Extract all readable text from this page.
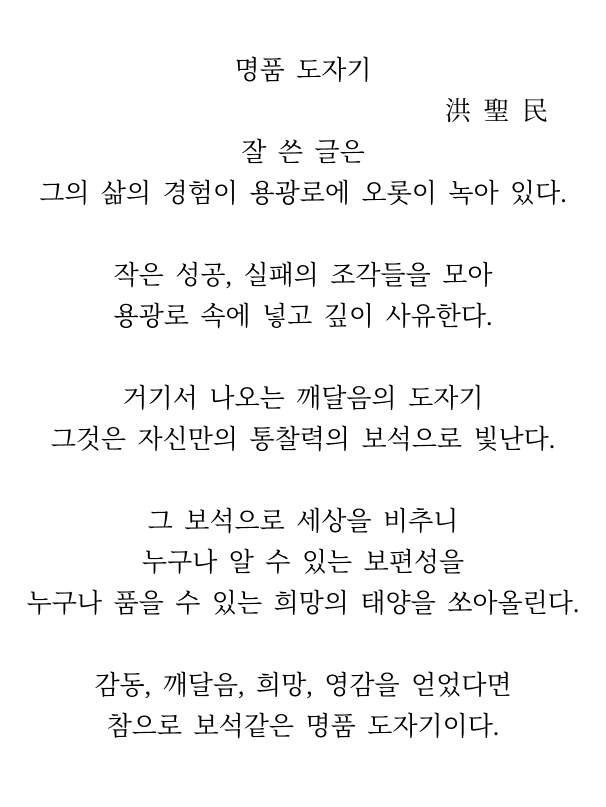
명품 도자기
洪 聖 民
잘 쓴 글은
그의 삶의 경험이 용광로에 오롯이 녹아 있다.
작은 성공, 실패의 조각들을 모아
용광로 속에 넣고 깊이 사유한다.
거기서 나오는 깨달음의 도자기
그것은 자신만의 통찰력의 보석으로 빛난다.
그 보석으로 세상을 비추니
누구나 알 수 있는 보편성을
누구나 품을 수 있는 희망의 태양을 쏘아올린다.
감동, 깨달음, 희망, 영감을 얻었다면
참으로 보석같은 명품 도자기이다.
